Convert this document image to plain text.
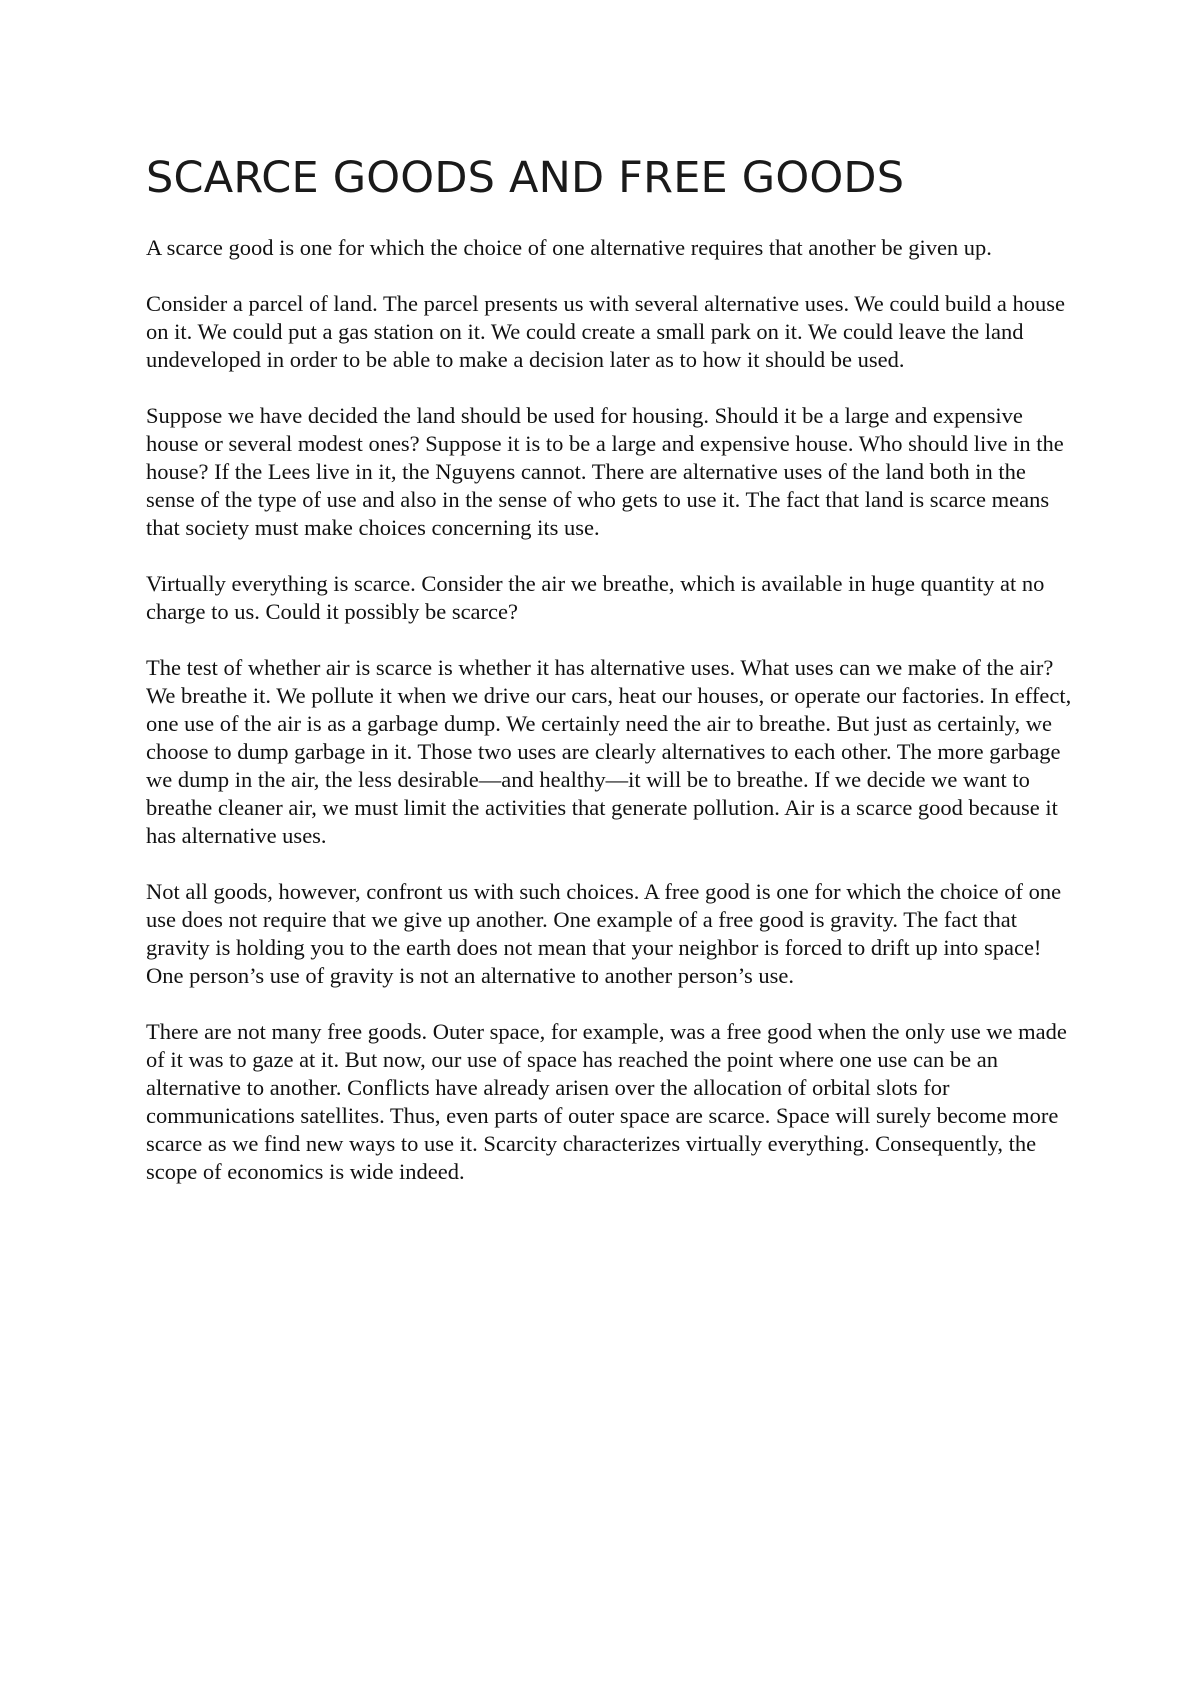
SCARCE GOODS AND FREE GOODS

A scarce good is one for which the choice of one alternative requires that another be given up.

Consider a parcel of land. The parcel presents us with several alternative uses. We could build a house on it. We could put a gas station on it. We could create a small park on it. We could leave the land undeveloped in order to be able to make a decision later as to how it should be used.

Suppose we have decided the land should be used for housing. Should it be a large and expensive house or several modest ones? Suppose it is to be a large and expensive house. Who should live in the house? If the Lees live in it, the Nguyens cannot. There are alternative uses of the land both in the sense of the type of use and also in the sense of who gets to use it. The fact that land is scarce means that society must make choices concerning its use.

Virtually everything is scarce. Consider the air we breathe, which is available in huge quantity at no charge to us. Could it possibly be scarce?

The test of whether air is scarce is whether it has alternative uses. What uses can we make of the air? We breathe it. We pollute it when we drive our cars, heat our houses, or operate our factories. In effect, one use of the air is as a garbage dump. We certainly need the air to breathe. But just as certainly, we choose to dump garbage in it. Those two uses are clearly alternatives to each other. The more garbage we dump in the air, the less desirable—and healthy—it will be to breathe. If we decide we want to breathe cleaner air, we must limit the activities that generate pollution. Air is a scarce good because it has alternative uses.

Not all goods, however, confront us with such choices. A free good is one for which the choice of one use does not require that we give up another. One example of a free good is gravity. The fact that gravity is holding you to the earth does not mean that your neighbor is forced to drift up into space! One person’s use of gravity is not an alternative to another person’s use.

There are not many free goods. Outer space, for example, was a free good when the only use we made of it was to gaze at it. But now, our use of space has reached the point where one use can be an alternative to another. Conflicts have already arisen over the allocation of orbital slots for communications satellites. Thus, even parts of outer space are scarce. Space will surely become more scarce as we find new ways to use it. Scarcity characterizes virtually everything. Consequently, the scope of economics is wide indeed.
